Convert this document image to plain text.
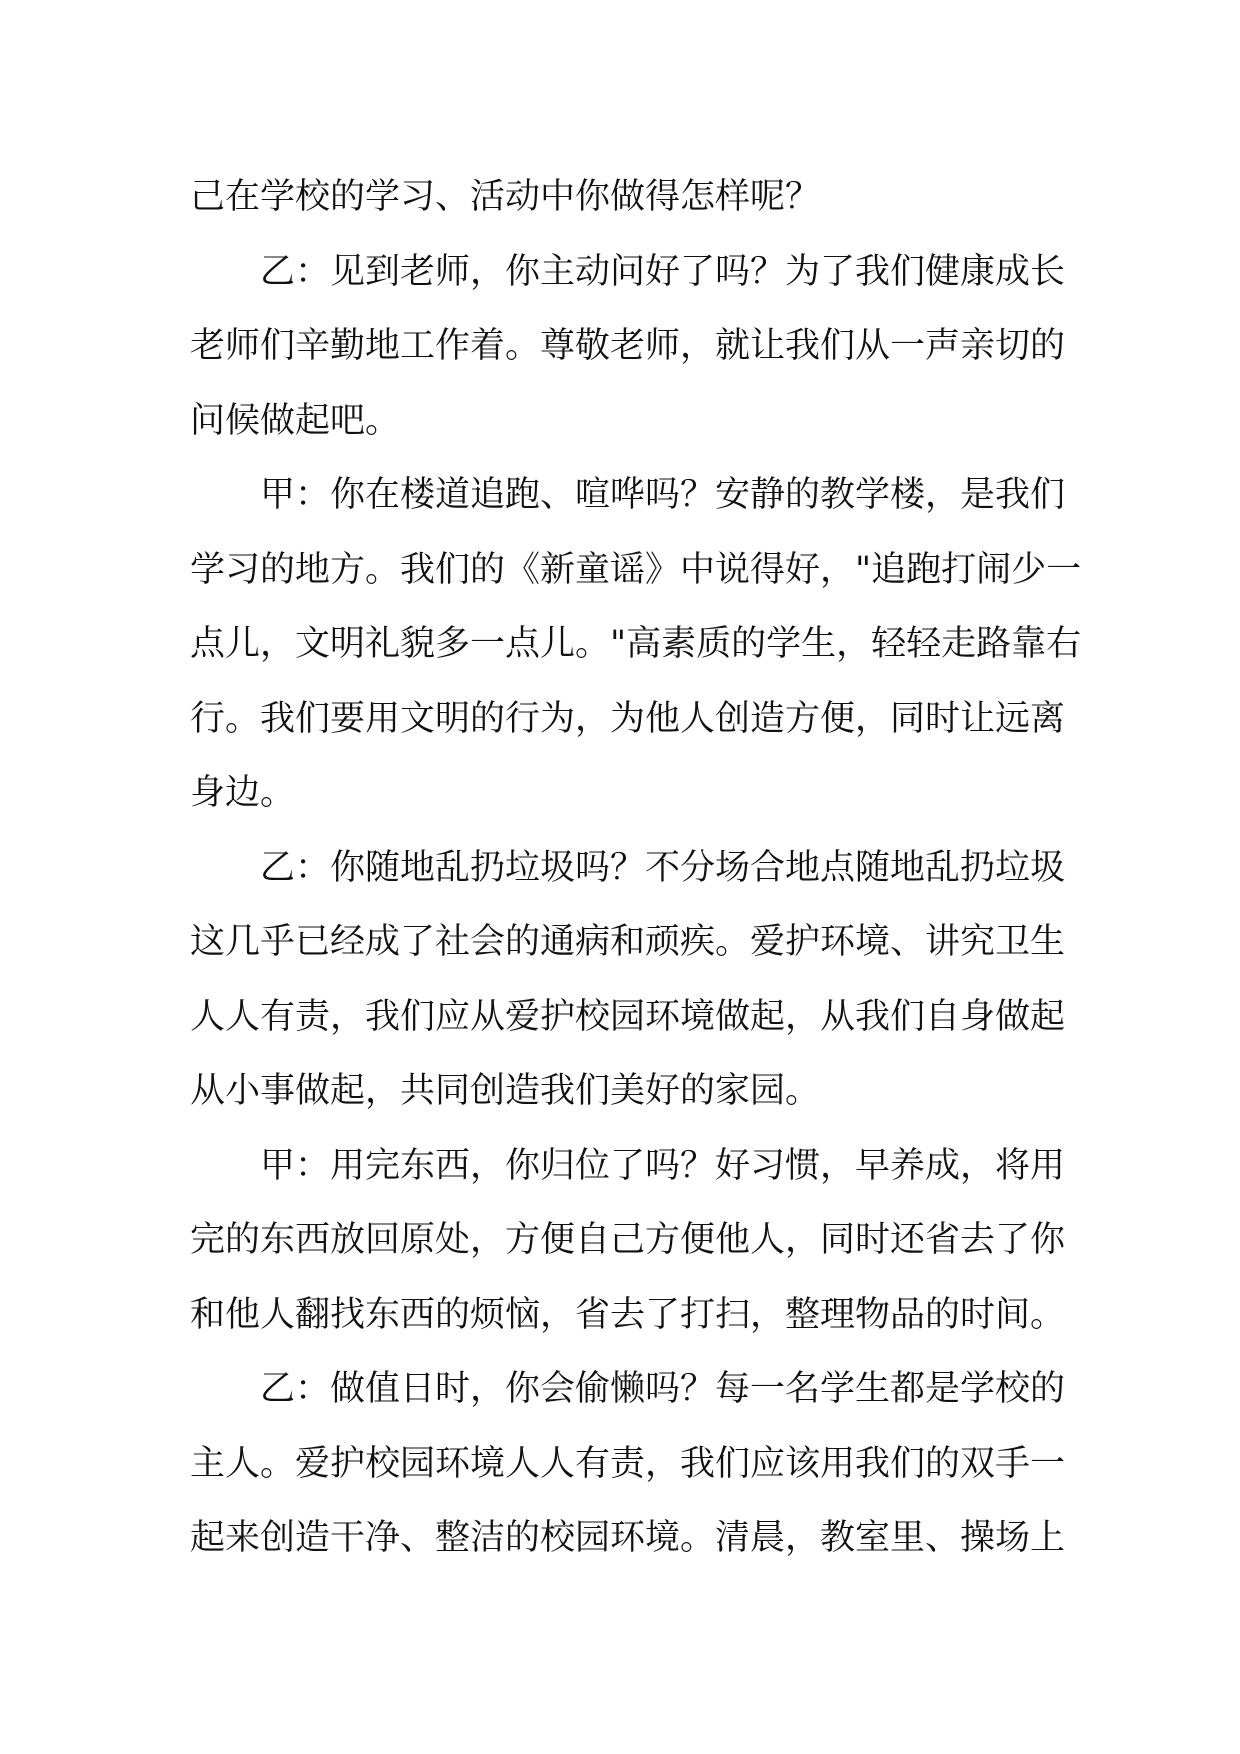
己在学校的学习、活动中你做得怎样呢？
乙：见到老师，你主动问好了吗？为了我们健康成长
老师们辛勤地工作着。尊敬老师，就让我们从一声亲切的
问候做起吧。
甲：你在楼道追跑、喧哗吗？安静的教学楼，是我们
学习的地方。我们的《新童谣》中说得好，"追跑打闹少一
点儿，文明礼貌多一点儿。"高素质的学生，轻轻走路靠右
行。我们要用文明的行为，为他人创造方便，同时让远离
身边。
乙：你随地乱扔垃圾吗？不分场合地点随地乱扔垃圾
这几乎已经成了社会的通病和顽疾。爱护环境、讲究卫生
人人有责，我们应从爱护校园环境做起，从我们自身做起
从小事做起，共同创造我们美好的家园。
甲：用完东西，你归位了吗？好习惯，早养成，将用
完的东西放回原处，方便自己方便他人，同时还省去了你
和他人翻找东西的烦恼，省去了打扫，整理物品的时间。
乙：做值日时，你会偷懒吗？每一名学生都是学校的
主人。爱护校园环境人人有责，我们应该用我们的双手一
起来创造干净、整洁的校园环境。清晨，教室里、操场上
